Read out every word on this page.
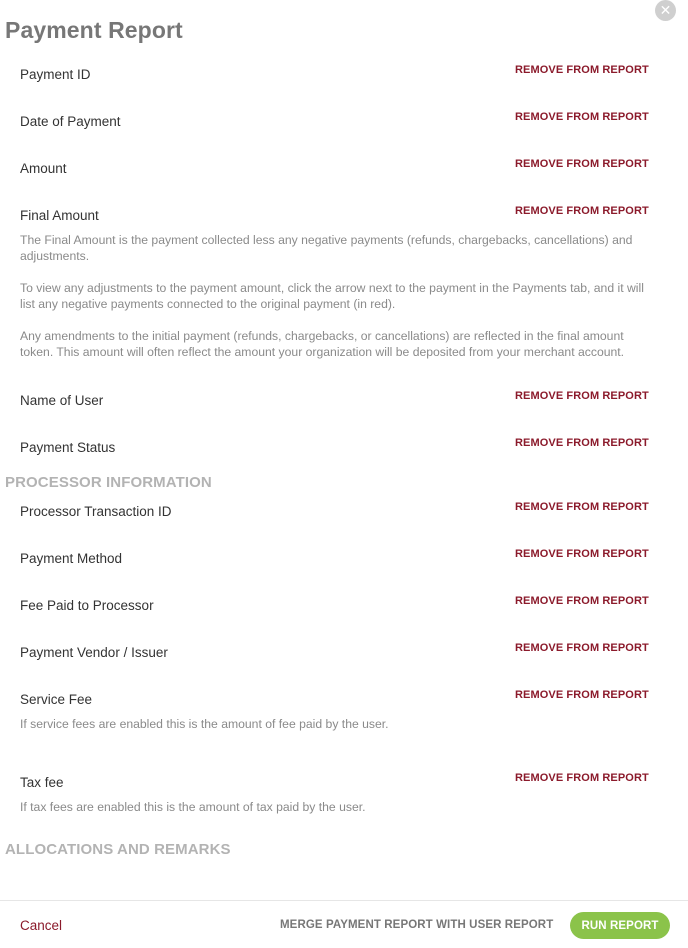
✕
Payment Report
Payment ID	REMOVE FROM REPORT
Date of Payment	REMOVE FROM REPORT
Amount	REMOVE FROM REPORT
Final Amount	REMOVE FROM REPORT

The Final Amount is the payment collected less any negative payments (refunds, chargebacks, cancellations) and adjustments.

To view any adjustments to the payment amount, click the arrow next to the payment in the Payments tab, and it will list any negative payments connected to the original payment (in red).

Any amendments to the initial payment (refunds, chargebacks, or cancellations) are reflected in the final amount token. This amount will often reflect the amount your organization will be deposited from your merchant account.

Name of User	REMOVE FROM REPORT
Payment Status	REMOVE FROM REPORT
PROCESSOR INFORMATION
Processor Transaction ID	REMOVE FROM REPORT
Payment Method	REMOVE FROM REPORT
Fee Paid to Processor	REMOVE FROM REPORT
Payment Vendor / Issuer	REMOVE FROM REPORT
Service Fee	REMOVE FROM REPORT

If service fees are enabled this is the amount of fee paid by the user.

Tax fee	REMOVE FROM REPORT

If tax fees are enabled this is the amount of tax paid by the user.

ALLOCATIONS AND REMARKS
Cancel	MERGE PAYMENT REPORT WITH USER REPORT	RUN REPORT
